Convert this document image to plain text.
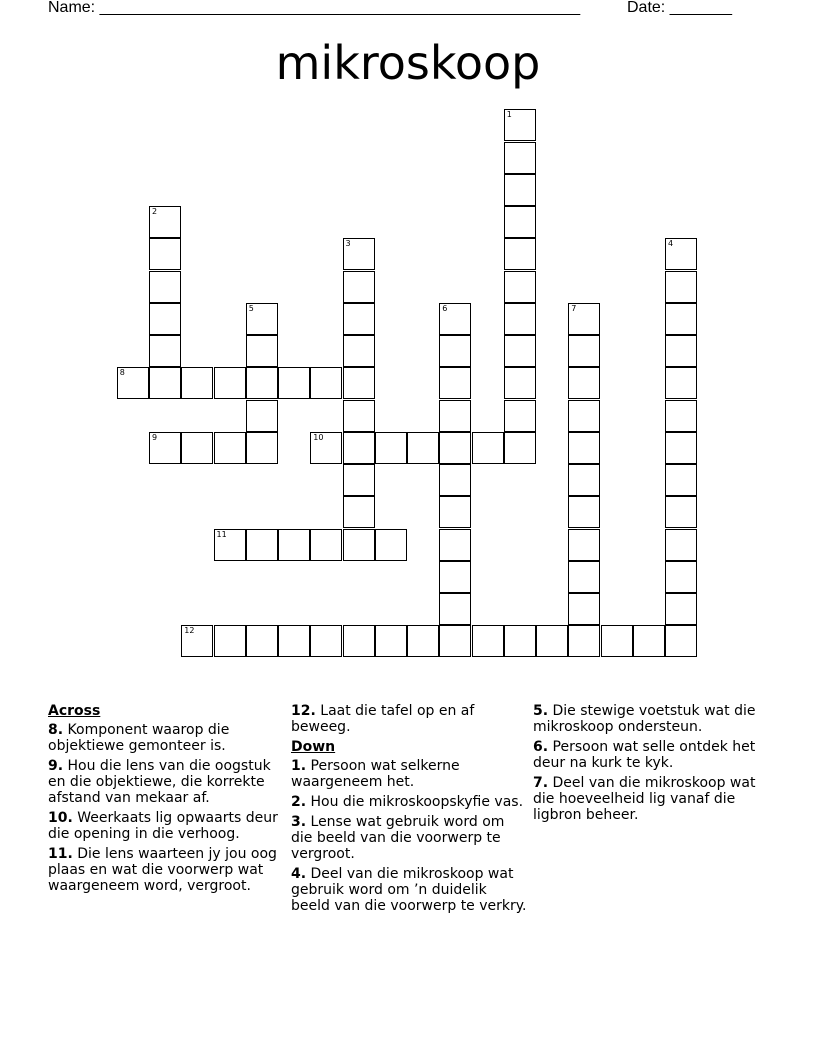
Name: ______________________________________________________	Date: _______
mikroskoop
1
2
3	4
5	6	7
8
9	10
11
12
Across
8. Komponent waarop die objektiewe gemonteer is.
9. Hou die lens van die oogstuk en die objektiewe, die korrekte afstand van mekaar af.
10. Weerkaats lig opwaarts deur die opening in die verhoog.
11. Die lens waarteen jy jou oog plaas en wat die voorwerp wat waargeneem word, vergroot.
12. Laat die tafel op en af beweeg.
Down
1. Persoon wat selkerne waargeneem het.
2. Hou die mikroskoopskyfie vas.
3. Lense wat gebruik word om die beeld van die voorwerp te vergroot.
4. Deel van die mikroskoop wat gebruik word om ’n duidelik beeld van die voorwerp te verkry.
5. Die stewige voetstuk wat die mikroskoop ondersteun.
6. Persoon wat selle ontdek het deur na kurk te kyk.
7. Deel van die mikroskoop wat die hoeveelheid lig vanaf die ligbron beheer.
